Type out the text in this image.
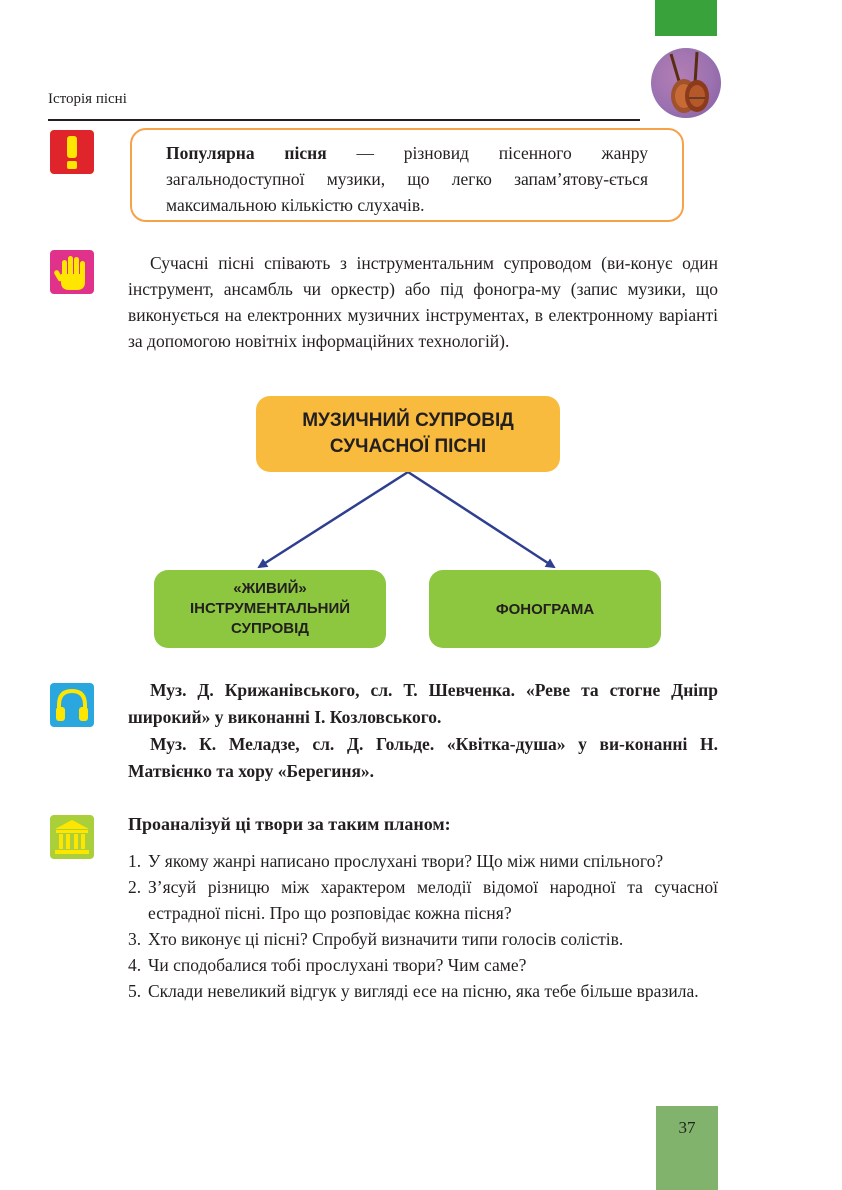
Історія пісні
Популярна пісня — різновид пісенного жанру загальнодоступної музики, що легко запам’ятову-ється максимальною кількістю слухачів.
Сучасні пісні співають з інструментальним супроводом (ви-конує один інструмент, ансамбль чи оркестр) або під фоногра-му (запис музики, що виконується на електронних музичних інструментах, в електронному варіанті за допомогою новітніх інформаційних технологій).
МУЗИЧНИЙ СУПРОВІД
СУЧАСНОЇ ПІСНІ
«ЖИВИЙ»
ІНСТРУМЕНТАЛЬНИЙ
СУПРОВІД
ФОНОГРАМА

Муз. Д. Крижанівського, сл. Т. Шевченка. «Реве та стогне Дніпр широкий» у виконанні І. Козловського.

Муз. К. Меладзе, сл. Д. Гольде. «Квітка-душа» у ви-конанні Н. Матвієнко та хору «Берегиня».

Проаналізуй ці твори за таким планом:
1. У якому жанрі написано прослухані твори? Що між ними спільного?
2. З’ясуй різницю між характером мелодії відомої народної та сучасної естрадної пісні. Про що розповідає кожна пісня?
3. Хто виконує ці пісні? Спробуй визначити типи голосів солістів.
4. Чи сподобалися тобі прослухані твори? Чим саме?
5. Склади невеликий відгук у вигляді есе на пісню, яка тебе більше вразила.
37
